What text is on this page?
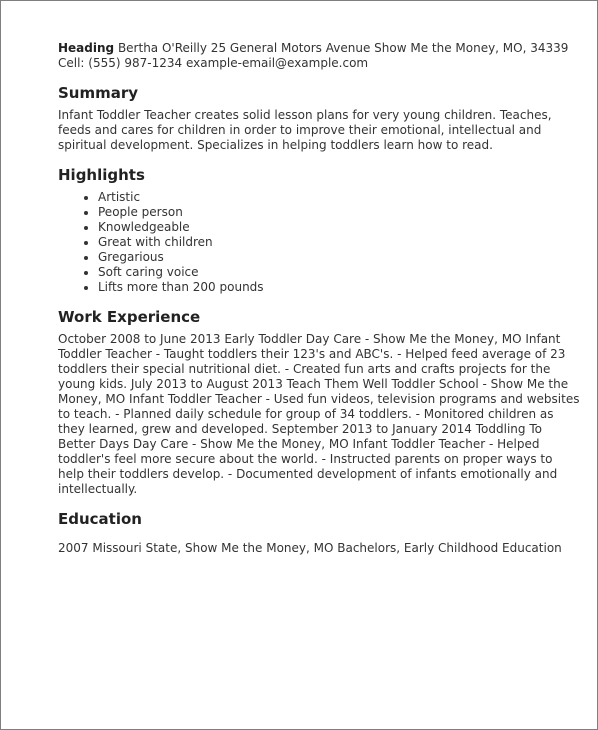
Heading Bertha O'Reilly 25 General Motors Avenue Show Me the Money, MO, 34339 Cell: (555) 987-1234 example-email@example.com

Summary

Infant Toddler Teacher creates solid lesson plans for very young children. Teaches, feeds and cares for children in order to improve their emotional, intellectual and spiritual development. Specializes in helping toddlers learn how to read.

Highlights
• Artistic
• People person
• Knowledgeable
• Great with children
• Gregarious
• Soft caring voice
• Lifts more than 200 pounds
Work Experience

October 2008 to June 2013 Early Toddler Day Care - Show Me the Money, MO Infant Toddler Teacher - Taught toddlers their 123's and ABC's. - Helped feed average of 23 toddlers their special nutritional diet. - Created fun arts and crafts projects for the young kids. July 2013 to August 2013 Teach Them Well Toddler School - Show Me the Money, MO Infant Toddler Teacher - Used fun videos, television programs and websites to teach. - Planned daily schedule for group of 34 toddlers. - Monitored children as they learned, grew and developed. September 2013 to January 2014 Toddling To Better Days Day Care - Show Me the Money, MO Infant Toddler Teacher - Helped toddler's feel more secure about the world. - Instructed parents on proper ways to help their toddlers develop. - Documented development of infants emotionally and intellectually.

Education

2007 Missouri State, Show Me the Money, MO Bachelors, Early Childhood Education
